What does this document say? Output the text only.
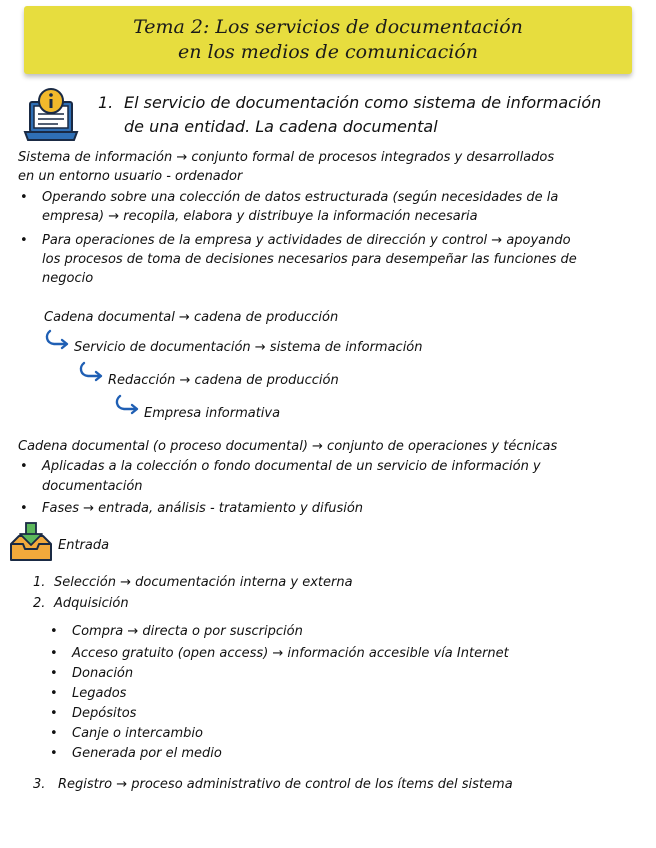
Tema 2: Los servicios de documentación
en los medios de comunicación
1. El servicio de documentación como sistema de información
de una entidad. La cadena documental
Sistema de información → conjunto formal de procesos integrados y desarrollados
en un entorno usuario - ordenador
• Operando sobre una colección de datos estructurada (según necesidades de la
empresa) → recopila, elabora y distribuye la información necesaria
• Para operaciones de la empresa y actividades de dirección y control → apoyando
los procesos de toma de decisiones necesarios para desempeñar las funciones de
negocio
Cadena documental → cadena de producción
Servicio de documentación → sistema de información
Redacción → cadena de producción
Empresa informativa
Cadena documental (o proceso documental) → conjunto de operaciones y técnicas
• Aplicadas a la colección o fondo documental de un servicio de información y
documentación
• Fases → entrada, análisis - tratamiento y difusión
Entrada
1. Selección → documentación interna y externa
2. Adquisición
• Compra → directa o por suscripción
• Acceso gratuito (open access) → información accesible vía Internet
• Donación
• Legados
• Depósitos
• Canje o intercambio
• Generada por el medio
3. Registro → proceso administrativo de control de los ítems del sistema
